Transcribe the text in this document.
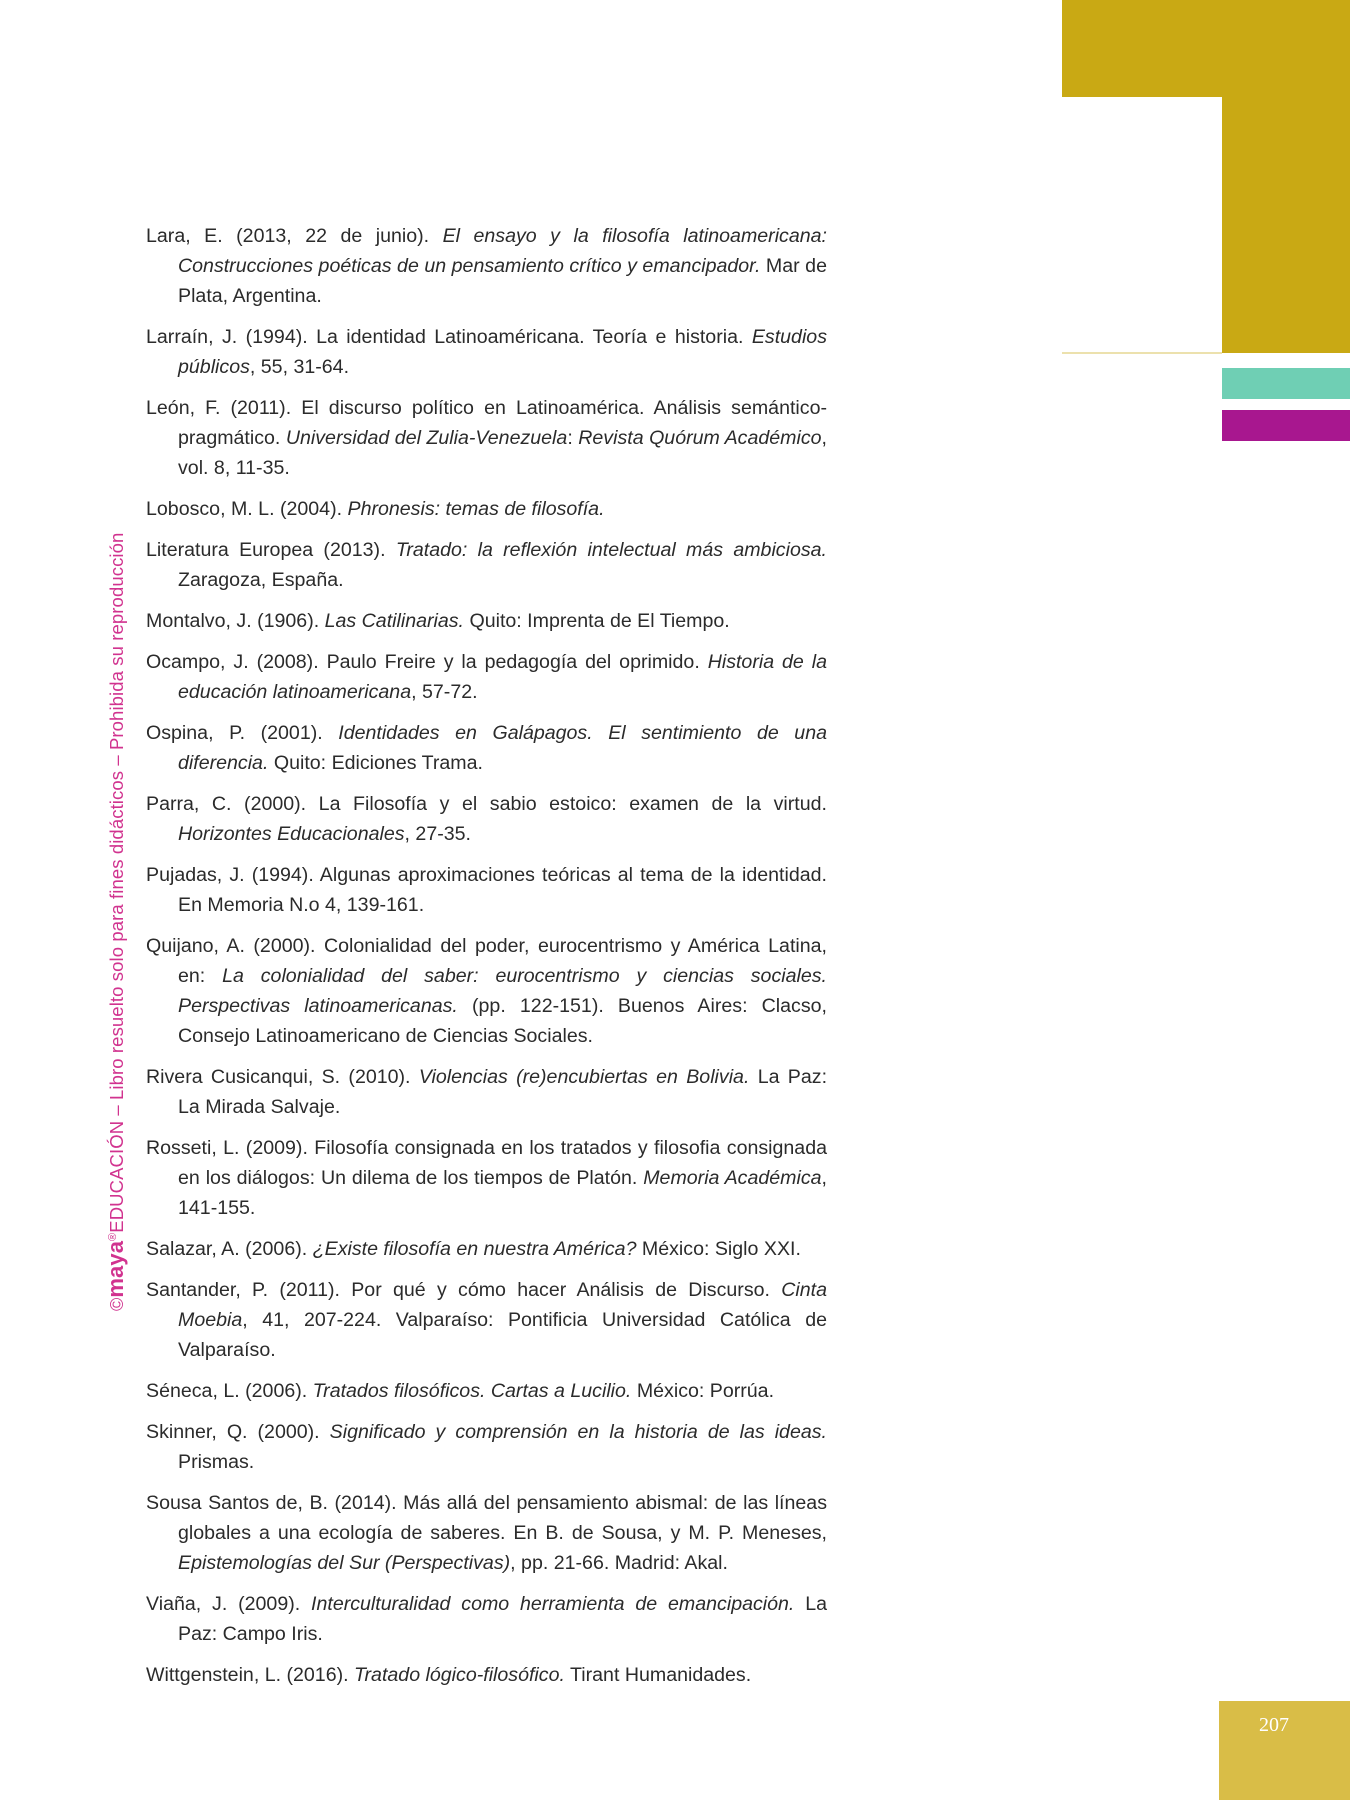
207
©maya®EDUCACIÓN – Libro resuelto solo para fines didácticos – Prohibida su reproducción
Lara, E. (2013, 22 de junio). El ensayo y la filosofía latinoamericana: Construcciones poéticas de un pensamiento crítico y emancipador. Mar de Plata, Argentina.
Larraín, J. (1994). La identidad Latinoaméricana. Teoría e historia. Estudios públicos, 55, 31-64.
León, F. (2011). El discurso político en Latinoamérica. Análisis semántico-pragmático. Universidad del Zulia-Venezuela: Revista Quórum Académico, vol. 8, 11-35.
Lobosco, M. L. (2004). Phronesis: temas de filosofía.
Literatura Europea (2013). Tratado: la reflexión intelectual más ambiciosa. Zaragoza, España.
Montalvo, J. (1906). Las Catilinarias. Quito: Imprenta de El Tiempo.
Ocampo, J. (2008). Paulo Freire y la pedagogía del oprimido. Historia de la educación latinoamericana, 57-72.
Ospina, P. (2001). Identidades en Galápagos. El sentimiento de una diferencia. Quito: Ediciones Trama.
Parra, C. (2000). La Filosofía y el sabio estoico: examen de la virtud. Horizontes Educacionales, 27-35.
Pujadas, J. (1994). Algunas aproximaciones teóricas al tema de la identidad. En Memoria N.o 4, 139-161.
Quijano, A. (2000). Colonialidad del poder, eurocentrismo y América Latina, en: La colonialidad del saber: eurocentrismo y ciencias sociales. Perspectivas latinoamericanas. (pp. 122-151). Buenos Aires: Clacso, Consejo Latinoamericano de Ciencias Sociales.
Rivera Cusicanqui, S. (2010). Violencias (re)encubiertas en Bolivia. La Paz: La Mirada Salvaje.
Rosseti, L. (2009). Filosofía consignada en los tratados y filosofia consignada en los diálogos: Un dilema de los tiempos de Platón. Memoria Académica, 141-155.
Salazar, A. (2006). ¿Existe filosofía en nuestra América? México: Siglo XXI.
Santander, P. (2011). Por qué y cómo hacer Análisis de Discurso. Cinta Moebia, 41, 207-224. Valparaíso: Pontificia Universidad Católica de Valparaíso.
Séneca, L. (2006). Tratados filosóficos. Cartas a Lucilio. México: Porrúa.
Skinner, Q. (2000). Significado y comprensión en la historia de las ideas. Prismas.
Sousa Santos de, B. (2014). Más allá del pensamiento abismal: de las líneas globales a una ecología de saberes. En B. de Sousa, y M. P. Meneses, Epistemologías del Sur (Perspectivas), pp. 21-66. Madrid: Akal.
Viaña, J. (2009). Interculturalidad como herramienta de emancipación. La Paz: Campo Iris.
Wittgenstein, L. (2016). Tratado lógico-filosófico. Tirant Humanidades.
